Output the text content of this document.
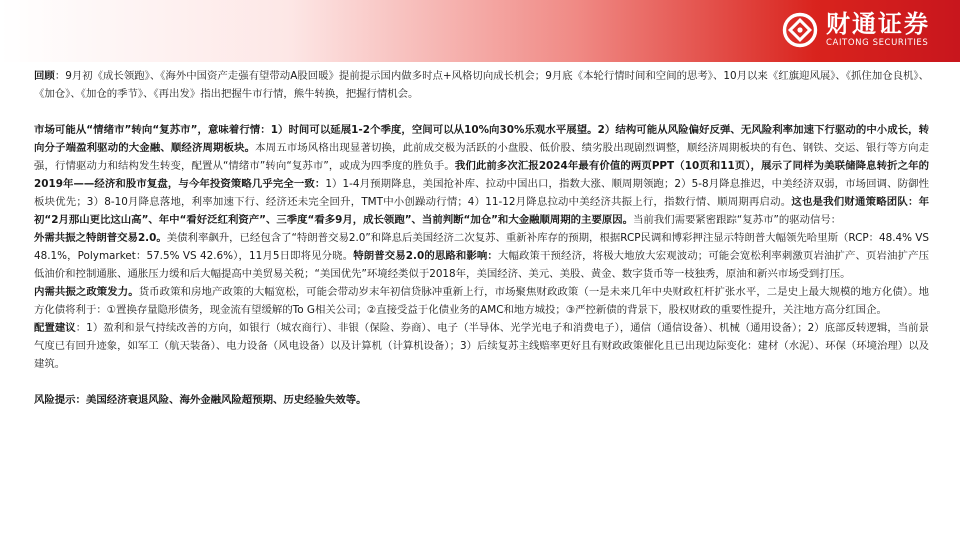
财通证券
CAITONG SECURITIES

回顾：9月初《成长领跑》、《海外中国资产走强有望带动A股回暖》提前提示国内做多时点+风格切向成长机会；9月底《本轮行情时间和空间的思考》、10月以来《红旗迎风展》、《抓住加仓良机》、《加仓》、《加仓的季节》、《再出发》指出把握牛市行情，熊牛转换，把握行情机会。

市场可能从“情绪市”转向“复苏市”，意味着行情：1）时间可以延展1-2个季度，空间可以从10%向30%乐观水平展望。2）结构可能从风险偏好反弹、无风险利率加速下行驱动的中小成长，转向分子端盈利驱动的大金融、顺经济周期板块。本周五市场风格出现显著切换，此前成交极为活跃的小盘股、低价股、绩劣股出现剧烈调整，顺经济周期板块的有色、钢铁、交运、银行等方向走强，行情驱动力和结构发生转变，配置从“情绪市”转向“复苏市”，或成为四季度的胜负手。我们此前多次汇报2024年最有价值的两页PPT（10页和11页），展示了同样为美联储降息转折之年的2019年——经济和股市复盘，与今年投资策略几乎完全一致：1）1-4月预期降息，美国抢补库、拉动中国出口，指数大涨、顺周期领跑；2）5-8月降息推迟，中美经济双弱，市场回调、防御性板块优先；3）8-10月降息落地，利率加速下行、经济还未完全回升，TMT中小创躁动行情；4）11-12月降息拉动中美经济共振上行，指数行情、顺周期再启动。这也是我们财通策略团队：年初“2月那山更比这山高”、年中“看好泛红利资产”、三季度“看多9月，成长领跑”、当前判断“加仓”和大金融顺周期的主要原因。当前我们需要紧密跟踪“复苏市”的驱动信号：

外需共振之特朗普交易2.0。美债利率飙升，已经包含了“特朗普交易2.0”和降息后美国经济二次复苏、重新补库存的预期，根据RCP民调和博彩押注显示特朗普大幅领先哈里斯（RCP：48.4% VS 48.1%，Polymarket：57.5% VS 42.6%），11月5日即将见分晓。特朗普交易2.0的思路和影响：大幅政策干预经济，将极大地放大宏观波动；可能会宽松利率刺激页岩油扩产、页岩油扩产压低油价和控制通胀、通胀压力缓和后大幅提高中美贸易关税；“美国优先”环境经类似于2018年，美国经济、美元、美股、黄金、数字货币等一枝独秀，原油和新兴市场受到打压。

内需共振之政策发力。货币政策和房地产政策的大幅宽松，可能会带动岁末年初信贷脉冲重新上行，市场聚焦财政政策（一是未来几年中央财政杠杆扩张水平，二是史上最大规模的地方化债）。地方化债将利于：①置换存量隐形债务，现金流有望缓解的To G相关公司；②直接受益于化债业务的AMC和地方城投；③严控新债的背景下，股权财政的重要性提升，关注地方高分红国企。

配置建议：1）盈利和景气持续改善的方向，如银行（城农商行）、非银（保险、券商）、电子（半导体、光学光电子和消费电子），通信（通信设备）、机械（通用设备）；2）底部反转逻辑，当前景气度已有回升迹象，如军工（航天装备）、电力设备（风电设备）以及计算机（计算机设备）；3）后续复苏主线赔率更好且有财政政策催化且已出现边际变化：建材（水泥）、环保（环境治理）以及建筑。

风险提示：美国经济衰退风险、海外金融风险超预期、历史经验失效等。
